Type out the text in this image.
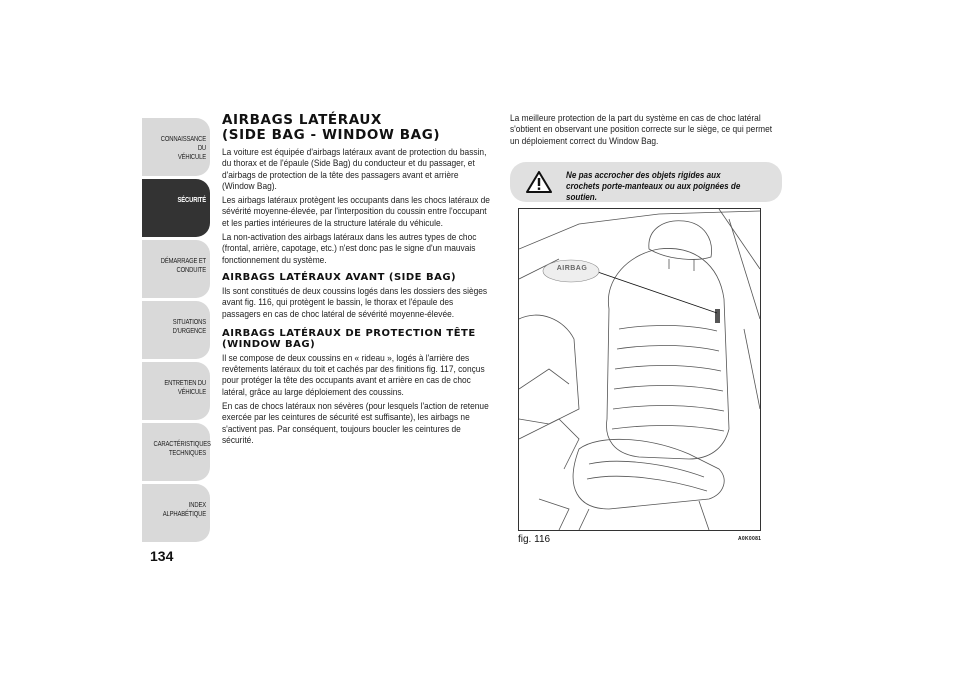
CONNAISSANCE DU
VÉHICULE
SÉCURITÉ
DÉMARRAGE ET
CONDUITE
SITUATIONS
D'URGENCE
ENTRETIEN DU
VÉHICULE
CARACTÉRISTIQUES
TECHNIQUES
INDEX
ALPHABÉTIQUE
134
AIRBAGS LATÉRAUX
(SIDE BAG - WINDOW BAG)

La voiture est équipée d'airbags latéraux avant de protection du bassin, du thorax et de l'épaule (Side Bag) du conducteur et du passager, et d'airbags de protection de la tête des passagers avant et arrière (Window Bag).

Les airbags latéraux protègent les occupants dans les chocs latéraux de sévérité moyenne-élevée, par l'interposition du coussin entre l'occupant et les parties intérieures de la structure latérale du véhicule.

La non-activation des airbags latéraux dans les autres types de choc (frontal, arrière, capotage, etc.) n'est donc pas le signe d'un mauvais fonctionnement du système.

AIRBAGS LATÉRAUX AVANT (SIDE BAG)

Ils sont constitués de deux coussins logés dans les dossiers des sièges avant fig. 116, qui protègent le bassin, le thorax et l'épaule des passagers en cas de choc latéral de sévérité moyenne-élevée.

AIRBAGS LATÉRAUX DE PROTECTION TÊTE (WINDOW BAG)

Il se compose de deux coussins en « rideau », logés à l'arrière des revêtements latéraux du toit et cachés par des finitions fig. 117, conçus pour protéger la tête des occupants avant et arrière en cas de choc latéral, grâce au large déploiement des coussins.

En cas de chocs latéraux non sévères (pour lesquels l'action de retenue exercée par les ceintures de sécurité est suffisante), les airbags ne s'activent pas. Par conséquent, toujours boucler les ceintures de sécurité.

La meilleure protection de la part du système en cas de choc latéral s'obtient en observant une position correcte sur le siège, ce qui permet un déploiement correct du Window Bag.

Ne pas accrocher des objets rigides aux crochets porte-manteaux ou aux poignées de soutien.
AIRBAG
fig. 116	A0K0081
